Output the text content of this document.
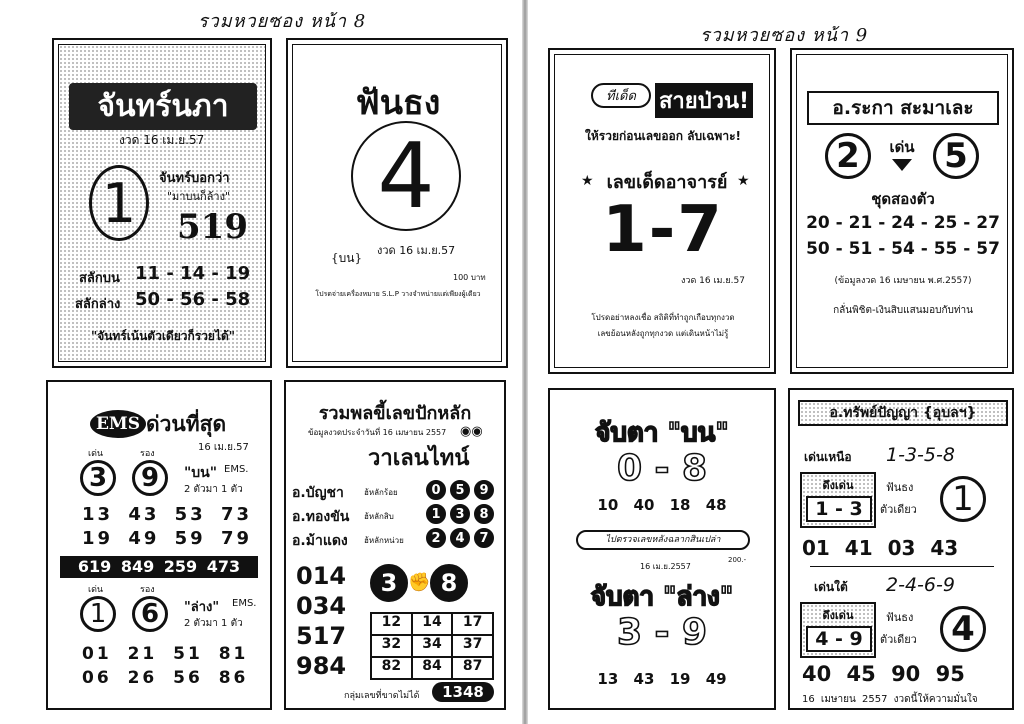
รวมหวยซอง หน้า 8
รวมหวยซอง หน้า 9
จันทร์นภา
งวด 16 เม.ย.57
1	จันทร์บอกว่า
"มาบนก็ล้าง"
519
สลักบน 11 - 14 - 19
สลักล่าง 50 - 56 - 58
"จันทร์เน้นตัวเดียวก็รวยได้"
ฟันธง
4
{บน}
งวด 16 เม.ย.57
100 บาท
โปรดจ่ายเครื่องหมาย S.L.P วางจำหน่ายแต่เพียงผู้เดียว
ทีเด็ด	สายป่วน!
ให้รวยก่อนเลขออก ลับเฉพาะ!
★ เลขเด็ดอาจารย์ ★
1-7
งวด 16 เม.ย.57
โปรดอย่าหลงเชื่อ สถิติที่ทำถูกเกือบทุกงวด
เลขย้อนหลังถูกทุกงวด แต่เดินหน้าไม่รู้
อ.ระกา สะมาเละ
2	เด่น 5
ชุดสองตัว
20 - 21 - 24 - 25 - 27
50 - 51 - 54 - 55 - 57
(ข้อมูลงวด 16 เมษายน พ.ศ.2557)
กลั่นพิชิต-เงินสิบแสนมอบกับท่าน
EMS ด่วนที่สุด
16 เม.ย.57
เด่น	รอง
3	9	"บน" EMS.
2 ตัวมา 1 ตัว
13 43 53 73
19 49 59 79
619 849 259 473
เด่น	รอง
1	6	"ล่าง" EMS.
2 ตัวมา 1 ตัว
01 21 51 81
06 26 56 86
รวมพลขี้เลขปักหลัก
ข้อมูลงวดประจำวันที่ 16 เมษายน 2557 ◉◉
วาเลนไทน์
อ.บัญชา	ฮ้หลักร้อย	0	5	9
อ.ทองขัน ฮ้หลักสิบ	1	3	8
อ.ม้าแดง ฮ้หลักหน่วย	2	4	7
014
034
517
984
3 ✊ 8
12	14	17
32	34	37
82	84	87
กลุ่มเลขที่ขาดไม่ได้	1348
จับตา "บน"
0 - 8
10 40 18 48
ไปตรวจเลขหลังฉลากสินเปล่า
16 เม.ย.2557
200.-
จับตา "ล่าง"
3 - 9
13 43 19 49
อ.ทรัพย์ปัญญา {อุบลฯ}
เด่นเหนือ 1-3-5-8
ดึงเด่น
1 - 3
ฟันธง
ตัวเดียว	1
01 41 03 43
เด่นใต้ 2-4-6-9
ดึงเด่น
4 - 9
ฟันธง
ตัวเดียว	4
40 45 90 95
16 เมษายน 2557 งวดนี้ให้ความมั่นใจ
